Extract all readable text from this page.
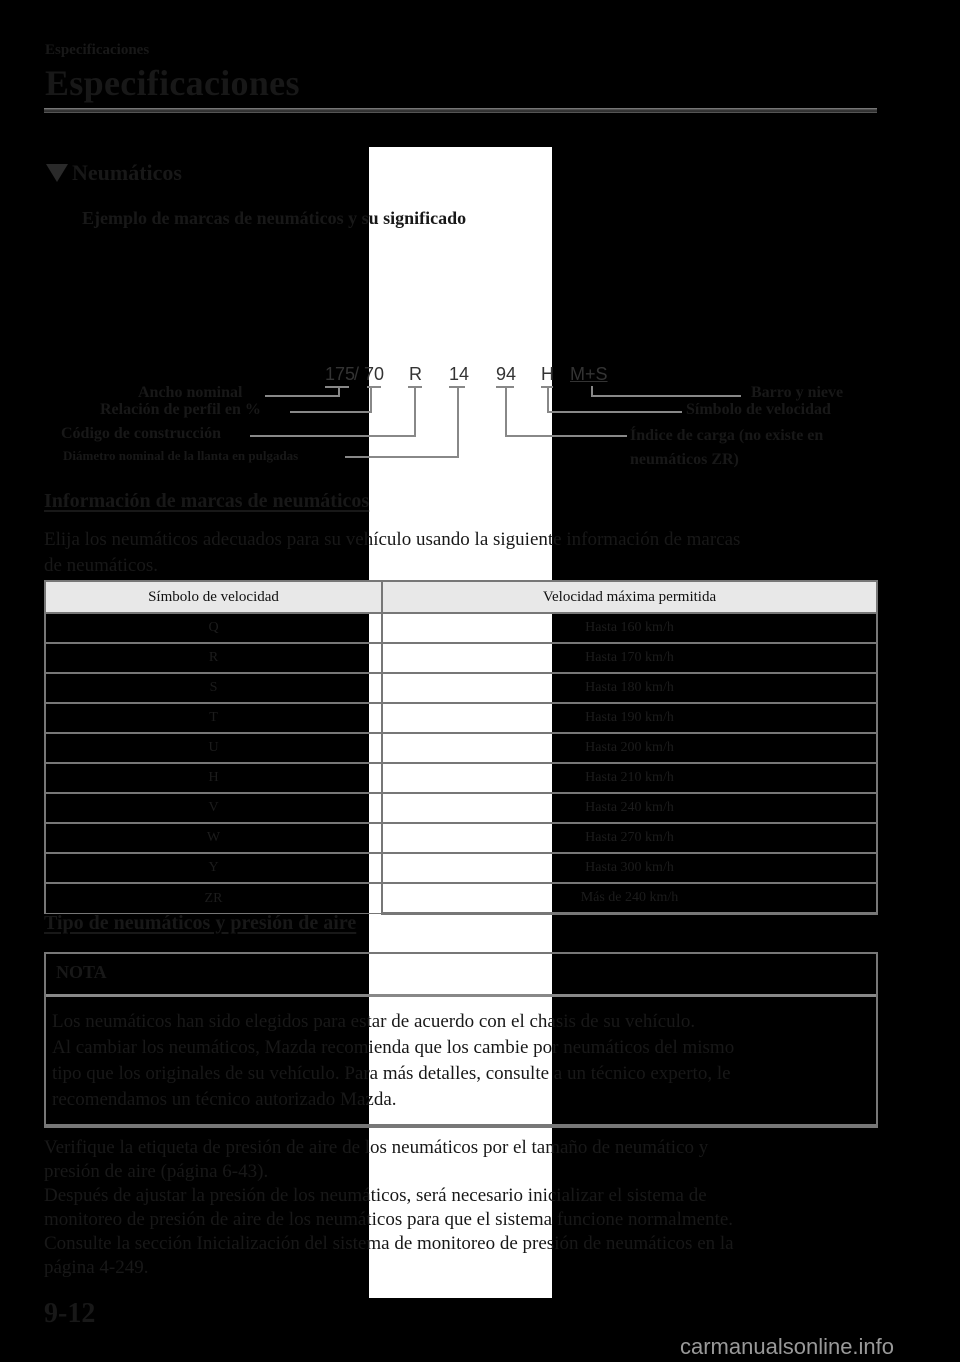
Especificaciones
Especificaciones
Neumáticos
Ejemplo de marcas de neumáticos y su significado
175
/ 70 R 14 94 H M+S
Ancho nominal
Relación de perfil en %
Código de construcción
Diámetro nominal de la llanta en pulgadas
Barro y nieve
Símbolo de velocidad
Índice de carga (no existe en
neumáticos ZR)
Información de marcas de neumáticos
Elija los neumáticos adecuados para su vehículo usando la siguiente información de marcas
de neumáticos.
Símbolo de velocidad	Velocidad máxima permitida
Q	Hasta 160 km/h
R	Hasta 170 km/h
S	Hasta 180 km/h
T	Hasta 190 km/h
U	Hasta 200 km/h
H	Hasta 210 km/h
V	Hasta 240 km/h
W	Hasta 270 km/h
Y	Hasta 300 km/h
ZR	Más de 240 km/h
Tipo de neumáticos y presión de aire
NOTA
Los neumáticos han sido elegidos para estar de acuerdo con el chasis de su vehículo.
Al cambiar los neumáticos, Mazda recomienda que los cambie por neumáticos del mismo
tipo que los originales de su vehículo. Para más detalles, consulte a un técnico experto, le
recomendamos un técnico autorizado Mazda.
Verifique la etiqueta de presión de aire de los neumáticos por el tamaño de neumático y
presión de aire (página 6-43).
Después de ajustar la presión de los neumáticos, será necesario inicializar el sistema de
monitoreo de presión de aire de los neumáticos para que el sistema funcione normalmente.
Consulte la sección Inicialización del sistema de monitoreo de presión de neumáticos en la
página 4-249.
9-12
carmanualsonline.info
